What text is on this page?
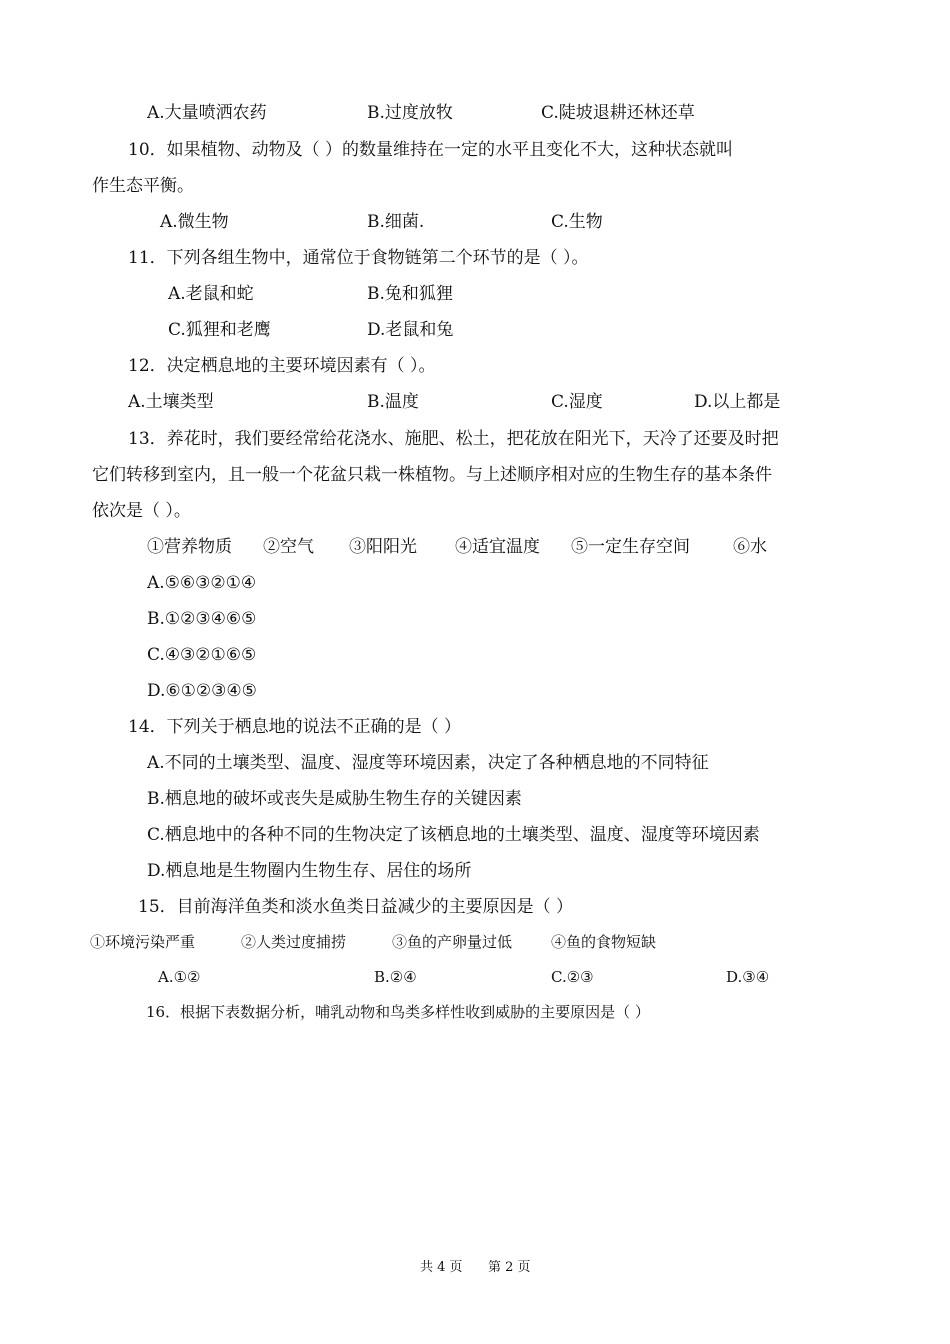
A.大量喷洒农药	B.过度放牧	C.陡坡退耕还林还草
10．如果植物、动物及（ ）的数量维持在一定的水平且变化不大，这种状态就叫
作生态平衡。
A.微生物	B.细菌.	C.生物
11．下列各组生物中，通常位于食物链第二个环节的是（ ）。
A.老鼠和蛇	B.兔和狐狸
C.狐狸和老鹰	D.老鼠和兔
12．决定栖息地的主要环境因素有（ ）。
A.土壤类型	B.温度	C.湿度	D.以上都是
13．养花时，我们要经常给花浇水、施肥、松土，把花放在阳光下，天冷了还要及时把
它们转移到室内，且一般一个花盆只栽一株植物。与上述顺序相对应的生物生存的基本条件
依次是（ ）。
①营养物质 ②空气 ③阳阳光 ④适宜温度 ⑤一定生存空间	⑥水
A.⑤⑥③②①④
B.①②③④⑥⑤
C.④③②①⑥⑤
D.⑥①②③④⑤
14．下列关于栖息地的说法不正确的是（ ）
A.不同的土壤类型、温度、湿度等环境因素，决定了各种栖息地的不同特征
B.栖息地的破坏或丧失是威胁生物生存的关键因素
C.栖息地中的各种不同的生物决定了该栖息地的土壤类型、温度、湿度等环境因素
D.栖息地是生物圈内生物生存、居住的场所
15．目前海洋鱼类和淡水鱼类日益减少的主要原因是（ ）
①环境污染严重	②人类过度捕捞	③鱼的产卵量过低	④鱼的食物短缺
A.①②	B.②④	C.②③	D.③④
16．根据下表数据分析，哺乳动物和鸟类多样性收到威胁的主要原因是（ ）
共 4 页 第 2 页
